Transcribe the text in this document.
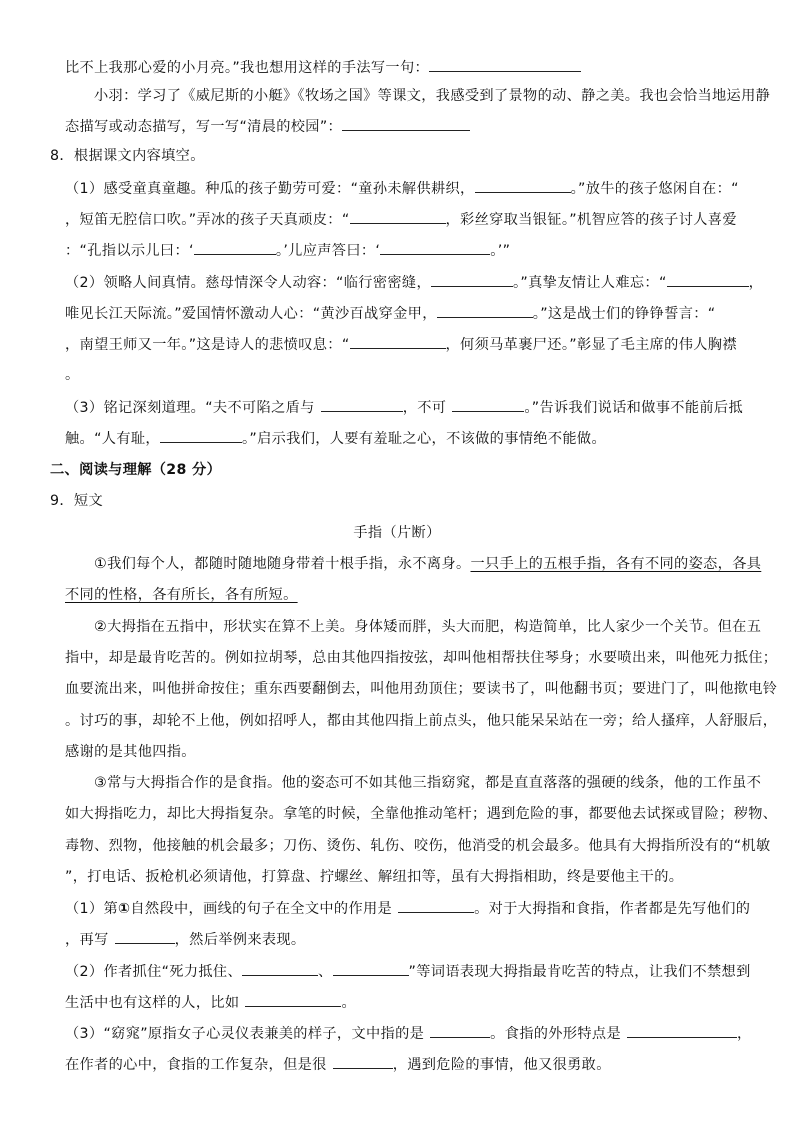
比不上我那心爱的小月亮。”我也想用这样的手法写一句：
小羽：学习了《威尼斯的小艇》《牧场之国》等课文，我感受到了景物的动、静之美。我也会恰当地运用静
态描写或动态描写，写一写“清晨的校园”：
8．根据课文内容填空。
（1）感受童真童趣。种瓜的孩子勤劳可爱：“童孙未解供耕织，	。”放牛的孩子悠闲自在：“
，短笛无腔信口吹。”弄冰的孩子天真顽皮：“	，彩丝穿取当银钲。”机智应答的孩子讨人喜爱
：“孔指以示儿曰：‘	。’儿应声答曰：‘	。’”
（2）领略人间真情。慈母情深令人动容：“临行密密缝，	。”真挚友情让人难忘：“	，
唯见长江天际流。”爱国情怀激动人心：“黄沙百战穿金甲，	。”这是战士们的铮铮誓言：“
，南望王师又一年。”这是诗人的悲愤叹息：“	，何须马革裹尸还。”彰显了毛主席的伟人胸襟
。
（3）铭记深刻道理。“夫不可陷之盾与	，不可	。”告诉我们说话和做事不能前后抵
触。“人有耻，	。”启示我们，人要有羞耻之心，不该做的事情绝不能做。
二、阅读与理解（28 分）
9．短文
手指（片断）
①我们每个人，都随时随地随身带着十根手指，永不离身。一只手上的五根手指，各有不同的姿态，各具
不同的性格，各有所长，各有所短。
②大拇指在五指中，形状实在算不上美。身体矮而胖，头大而肥，构造简单，比人家少一个关节。但在五
指中，却是最肯吃苦的。例如拉胡琴，总由其他四指按弦，却叫他相帮扶住琴身；水要喷出来，叫他死力抵住；
血要流出来，叫他拼命按住；重东西要翻倒去，叫他用劲顶住；要读书了，叫他翻书页；要进门了，叫他揿电铃
。讨巧的事，却轮不上他，例如招呼人，都由其他四指上前点头，他只能呆呆站在一旁；给人搔痒，人舒服后，
感谢的是其他四指。
③常与大拇指合作的是食指。他的姿态可不如其他三指窈窕，都是直直落落的强硬的线条，他的工作虽不
如大拇指吃力，却比大拇指复杂。拿笔的时候，全靠他推动笔杆；遇到危险的事，都要他去试探或冒险；秽物、
毒物、烈物，他接触的机会最多；刀伤、烫伤、轧伤、咬伤，他消受的机会最多。他具有大拇指所没有的“机敏
”，打电话、扳枪机必须请他，打算盘、拧螺丝、解纽扣等，虽有大拇指相助，终是要他主干的。
（1）第①自然段中，画线的句子在全文中的作用是	。对于大拇指和食指，作者都是先写他们的
，再写	，然后举例来表现。
（2）作者抓住“死力抵住、	、	”等词语表现大拇指最肯吃苦的特点，让我们不禁想到
生活中也有这样的人，比如	。
（3）“窈窕”原指女子心灵仪表兼美的样子，文中指的是	。食指的外形特点是	，
在作者的心中，食指的工作复杂，但是很	，遇到危险的事情，他又很勇敢。
